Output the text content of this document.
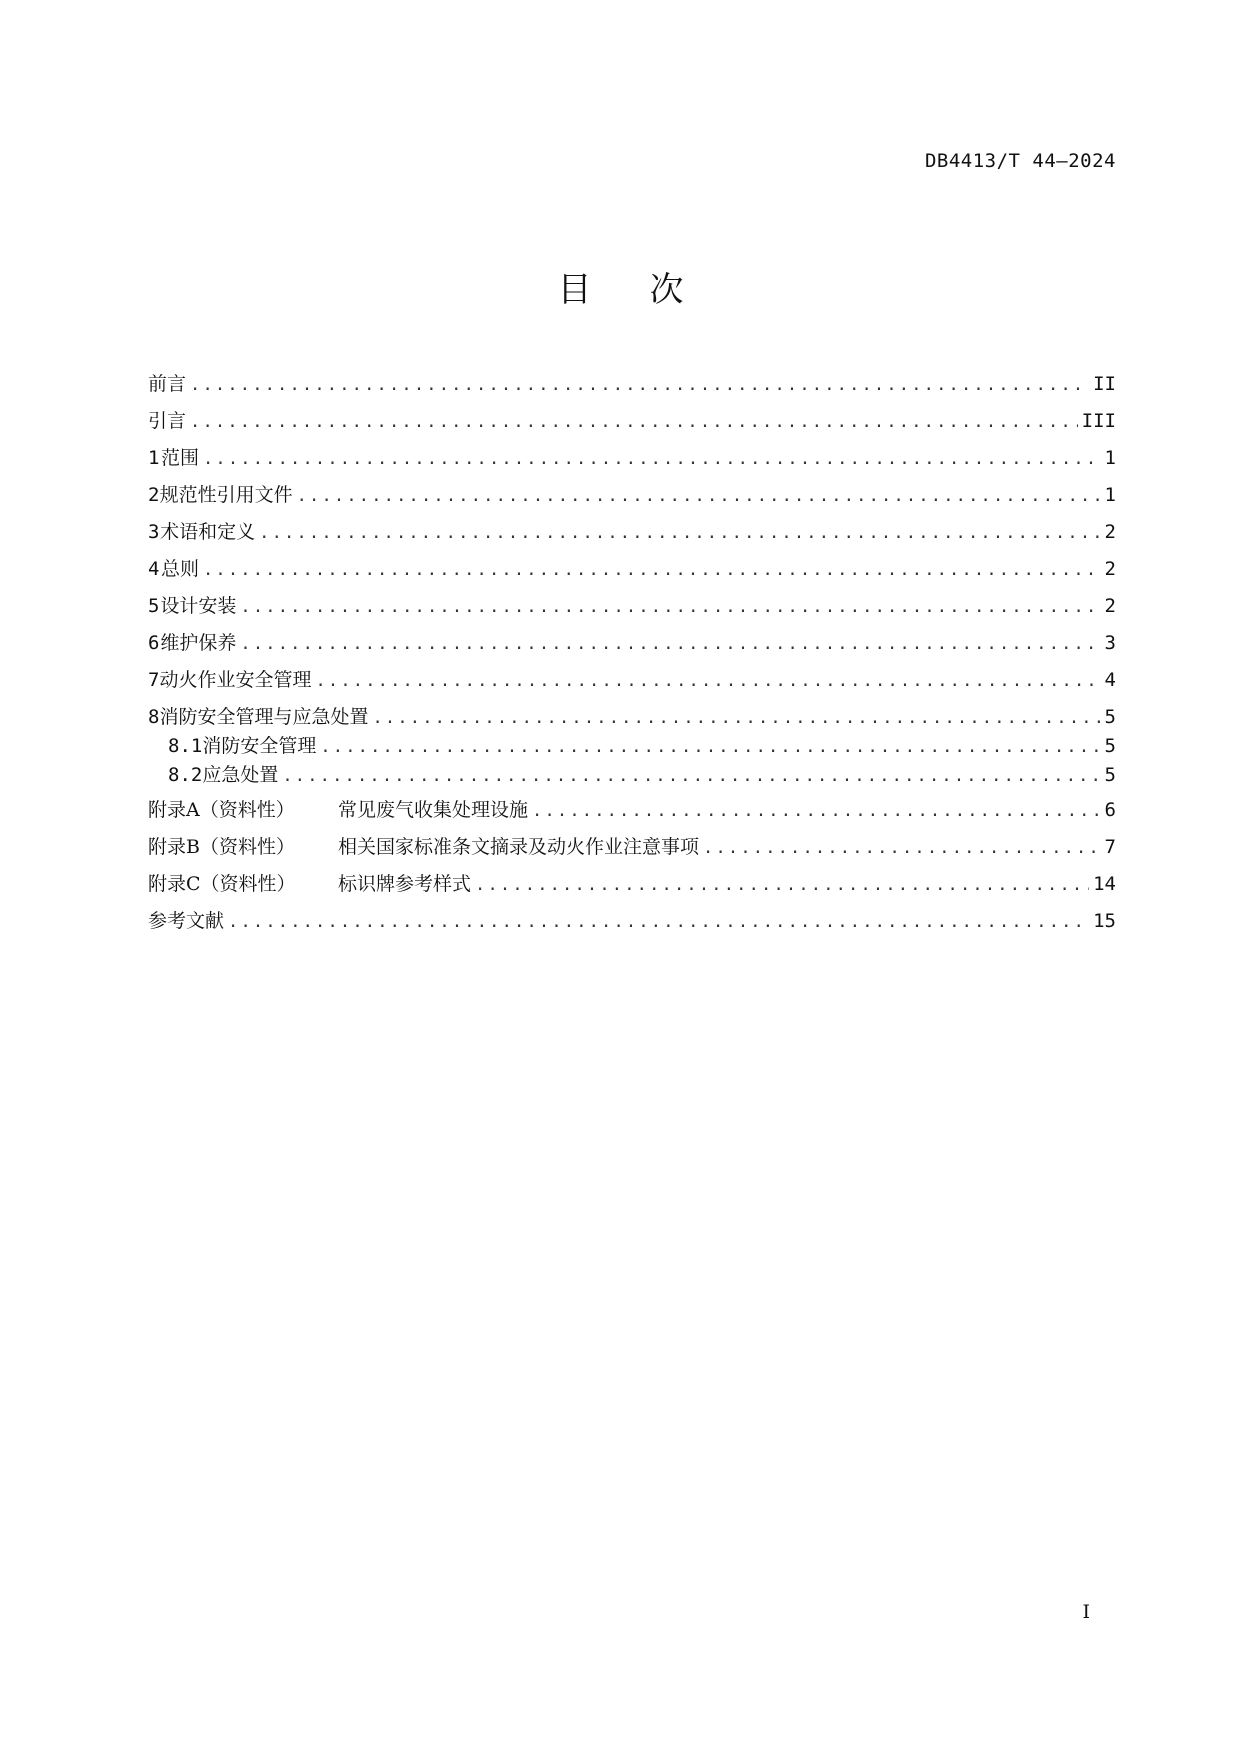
DB4413/T 44—2024
目次
前言 .....	II
引言 .....	III
1 范围 .....	1
2 规范性引用文件 .....	1
3 术语和定义 .....	2
4 总则 .....	2
5 设计安装 .....	2
6 维护保养 .....	3
7 动火作业安全管理 .....	4
8 消防安全管理与应急处置 .....	5
8.1 消防安全管理 .....	5
8.2 应急处置 .....	5
附录A（资料性）	常见废气收集处理设施 .....	6
附录B（资料性）	相关国家标准条文摘录及动火作业注意事项 .....	7
附录C（资料性）	标识牌参考样式 .....	14
参考文献 .....	15
I
